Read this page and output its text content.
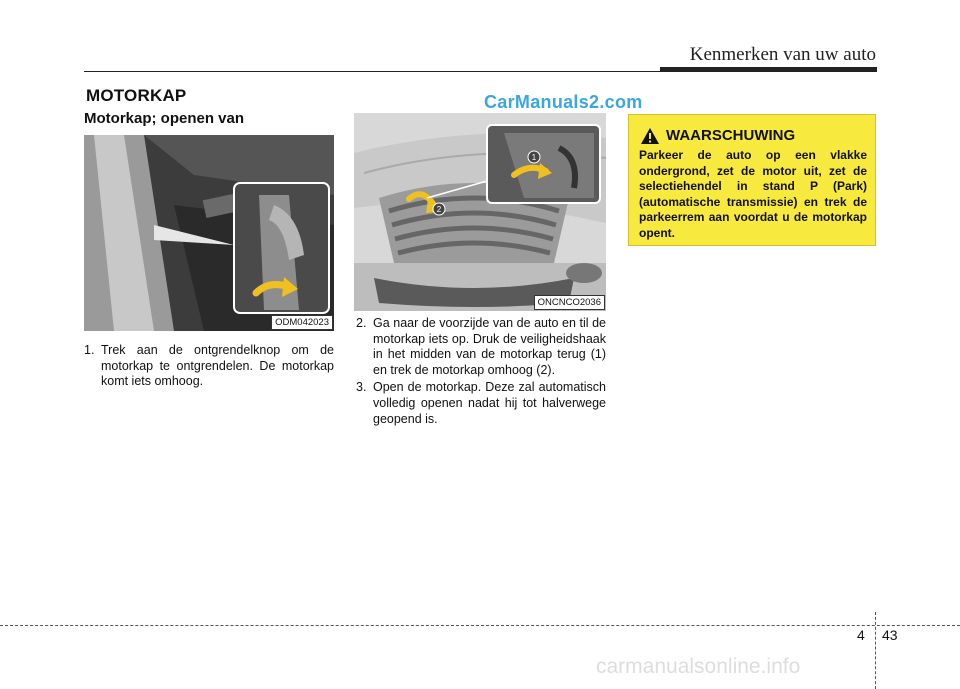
Kenmerken van uw auto
MOTORKAP
Motorkap; openen van
CarManuals2.com
ODM042023
2
1
ONCNCO2036
1. Trek aan de ontgrendelknop om de motorkap te ontgrendelen. De motorkap komt iets omhoog.
2. Ga naar de voorzijde van de auto en til de motorkap iets op. Druk de veiligheidshaak in het midden van de motorkap terug (1) en trek de motorkap omhoog (2).
3. Open de motorkap. Deze zal automatisch volledig openen nadat hij tot halverwege geopend is.
WAARSCHUWING
Parkeer de auto op een vlakke ondergrond, zet de motor uit, zet de selectiehendel in stand P (Park) (automatische transmissie) en trek de parkeerrem aan voordat u de motorkap opent.
4 43
carmanualsonline.info
